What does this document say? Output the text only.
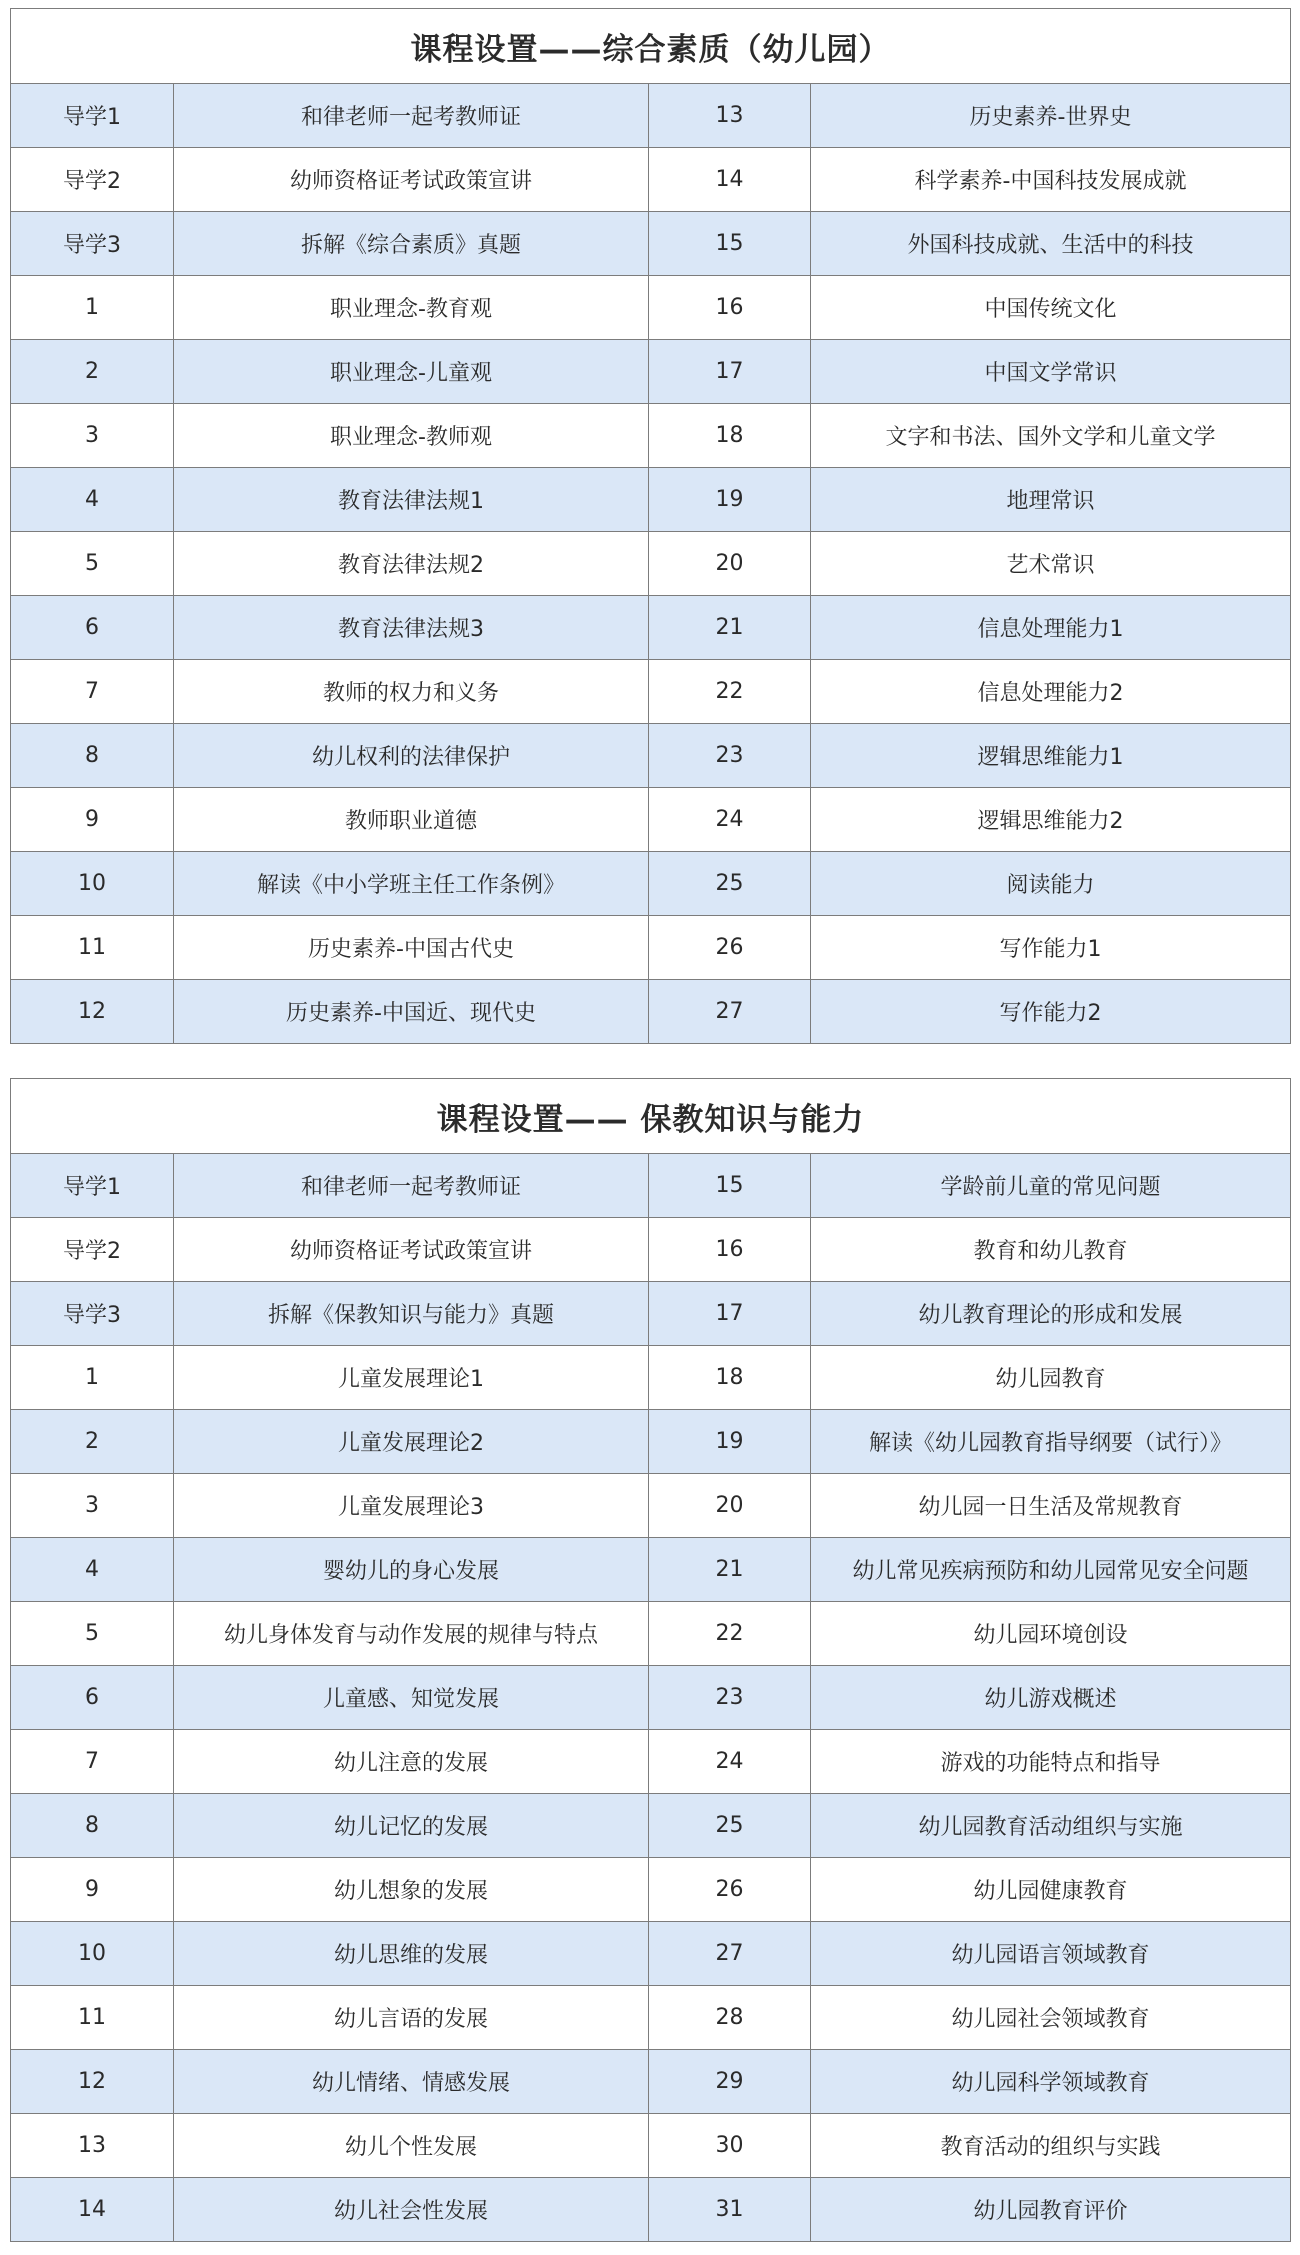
课程设置——综合素质（幼儿园）			
导学1	和律老师一起考教师证	13	历史素养-世界史
导学2	幼师资格证考试政策宣讲	14	科学素养-中国科技发展成就
导学3	拆解《综合素质》真题	15	外国科技成就、生活中的科技
1	职业理念-教育观	16	中国传统文化
2	职业理念-儿童观	17	中国文学常识
3	职业理念-教师观	18	文字和书法、国外文学和儿童文学
4	教育法律法规1	19	地理常识
5	教育法律法规2	20	艺术常识
6	教育法律法规3	21	信息处理能力1
7	教师的权力和义务	22	信息处理能力2
8	幼儿权利的法律保护	23	逻辑思维能力1
9	教师职业道德	24	逻辑思维能力2
10	解读《中小学班主任工作条例》	25	阅读能力
11	历史素养-中国古代史	26	写作能力1
12	历史素养-中国近、现代史	27	写作能力2
课程设置—— 保教知识与能力			
导学1	和律老师一起考教师证	15	学龄前儿童的常见问题
导学2	幼师资格证考试政策宣讲	16	教育和幼儿教育
导学3	拆解《保教知识与能力》真题	17	幼儿教育理论的形成和发展
1	儿童发展理论1	18	幼儿园教育
2	儿童发展理论2	19	解读《幼儿园教育指导纲要（试行）》
3	儿童发展理论3	20	幼儿园一日生活及常规教育
4	婴幼儿的身心发展	21	幼儿常见疾病预防和幼儿园常见安全问题
5	幼儿身体发育与动作发展的规律与特点	22	幼儿园环境创设
6	儿童感、知觉发展	23	幼儿游戏概述
7	幼儿注意的发展	24	游戏的功能特点和指导
8	幼儿记忆的发展	25	幼儿园教育活动组织与实施
9	幼儿想象的发展	26	幼儿园健康教育
10	幼儿思维的发展	27	幼儿园语言领域教育
11	幼儿言语的发展	28	幼儿园社会领域教育
12	幼儿情绪、情感发展	29	幼儿园科学领域教育
13	幼儿个性发展	30	教育活动的组织与实践
14	幼儿社会性发展	31	幼儿园教育评价
